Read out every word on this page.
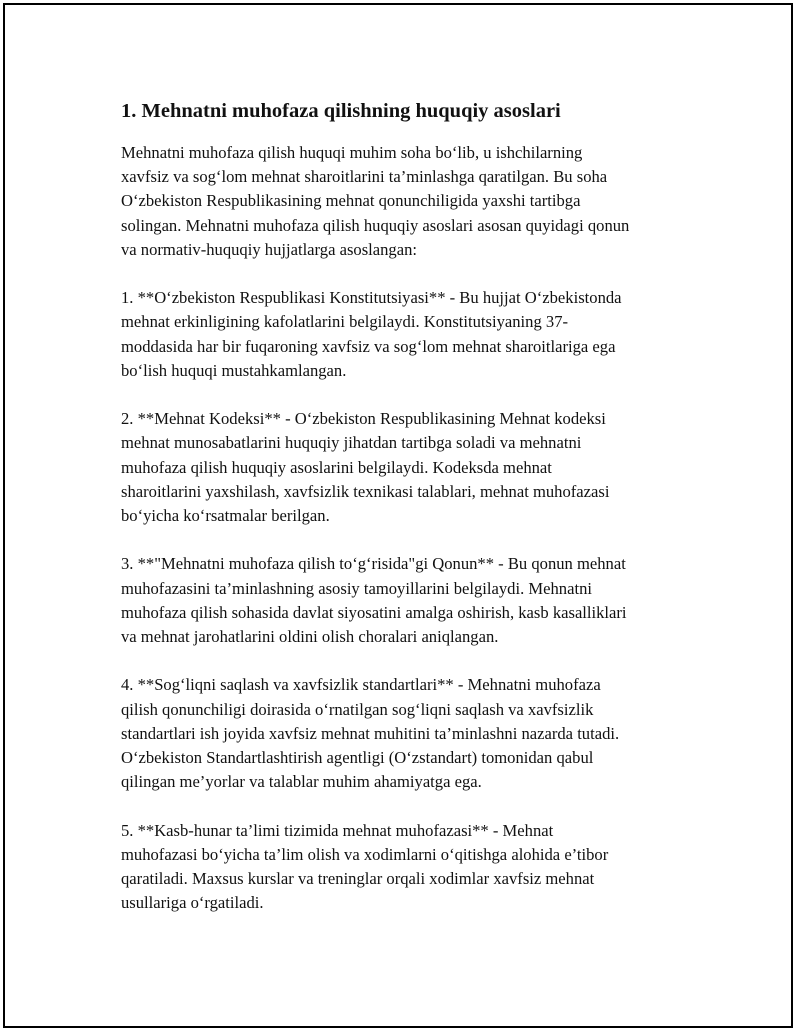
1. Mehnatni muhofaza qilishning huquqiy asoslari
Mehnatni muhofaza qilish huquqi muhim soha bo‘lib, u ishchilarning
xavfsiz va sog‘lom mehnat sharoitlarini ta’minlashga qaratilgan. Bu soha
O‘zbekiston Respublikasining mehnat qonunchiligida yaxshi tartibga
solingan. Mehnatni muhofaza qilish huquqiy asoslari asosan quyidagi qonun
va normativ-huquqiy hujjatlarga asoslangan:
1. **O‘zbekiston Respublikasi Konstitutsiyasi** - Bu hujjat O‘zbekistonda
mehnat erkinligining kafolatlarini belgilaydi. Konstitutsiyaning 37-
moddasida har bir fuqaroning xavfsiz va sog‘lom mehnat sharoitlariga ega
bo‘lish huquqi mustahkamlangan.
2. **Mehnat Kodeksi** - O‘zbekiston Respublikasining Mehnat kodeksi
mehnat munosabatlarini huquqiy jihatdan tartibga soladi va mehnatni
muhofaza qilish huquqiy asoslarini belgilaydi. Kodeksda mehnat
sharoitlarini yaxshilash, xavfsizlik texnikasi talablari, mehnat muhofazasi
bo‘yicha ko‘rsatmalar berilgan.
3. **"Mehnatni muhofaza qilish to‘g‘risida"gi Qonun** - Bu qonun mehnat
muhofazasini ta’minlashning asosiy tamoyillarini belgilaydi. Mehnatni
muhofaza qilish sohasida davlat siyosatini amalga oshirish, kasb kasalliklari
va mehnat jarohatlarini oldini olish choralari aniqlangan.
4. **Sog‘liqni saqlash va xavfsizlik standartlari** - Mehnatni muhofaza
qilish qonunchiligi doirasida o‘rnatilgan sog‘liqni saqlash va xavfsizlik
standartlari ish joyida xavfsiz mehnat muhitini ta’minlashni nazarda tutadi.
O‘zbekiston Standartlashtirish agentligi (O‘zstandart) tomonidan qabul
qilingan me’yorlar va talablar muhim ahamiyatga ega.
5. **Kasb-hunar ta’limi tizimida mehnat muhofazasi** - Mehnat
muhofazasi bo‘yicha ta’lim olish va xodimlarni o‘qitishga alohida e’tibor
qaratiladi. Maxsus kurslar va treninglar orqali xodimlar xavfsiz mehnat
usullariga o‘rgatiladi.
